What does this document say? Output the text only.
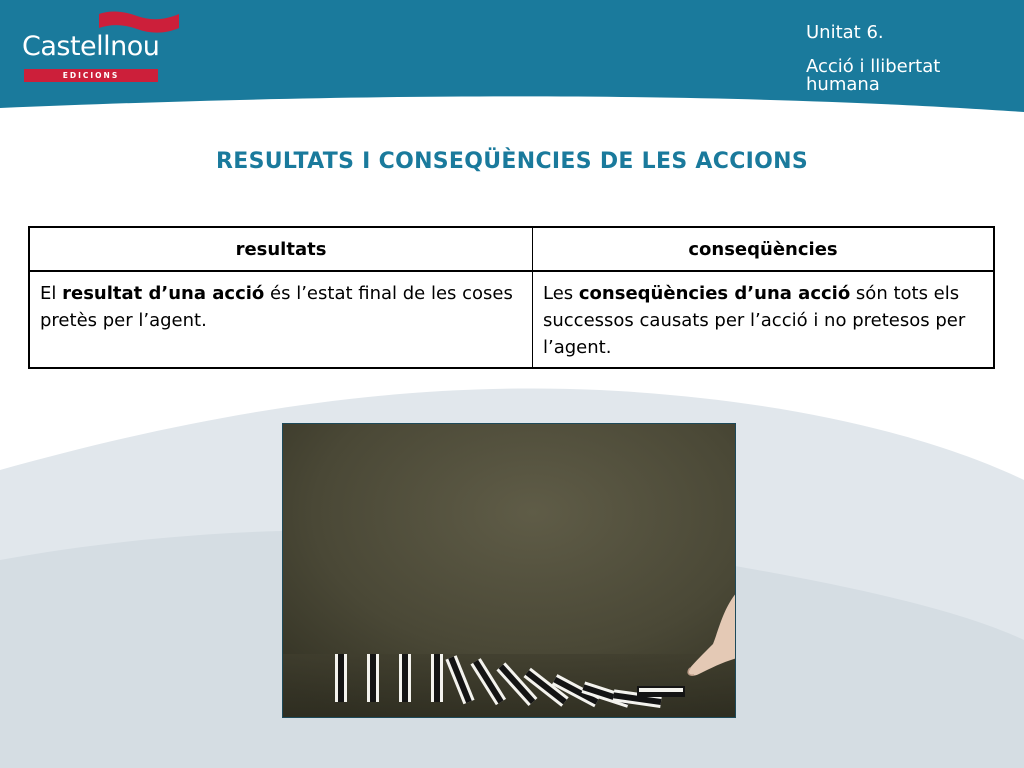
Castellnou
EDICIONS
Unitat 6.
Acció i llibertat humana
RESULTATS I CONSEQÜÈNCIES DE LES ACCIONS
resultats	conseqüències
El resultat d’una acció és l’estat final de les coses pretès per l’agent.	Les conseqüències d’una acció són tots els successos causats per l’acció i no pretesos per l’agent.
